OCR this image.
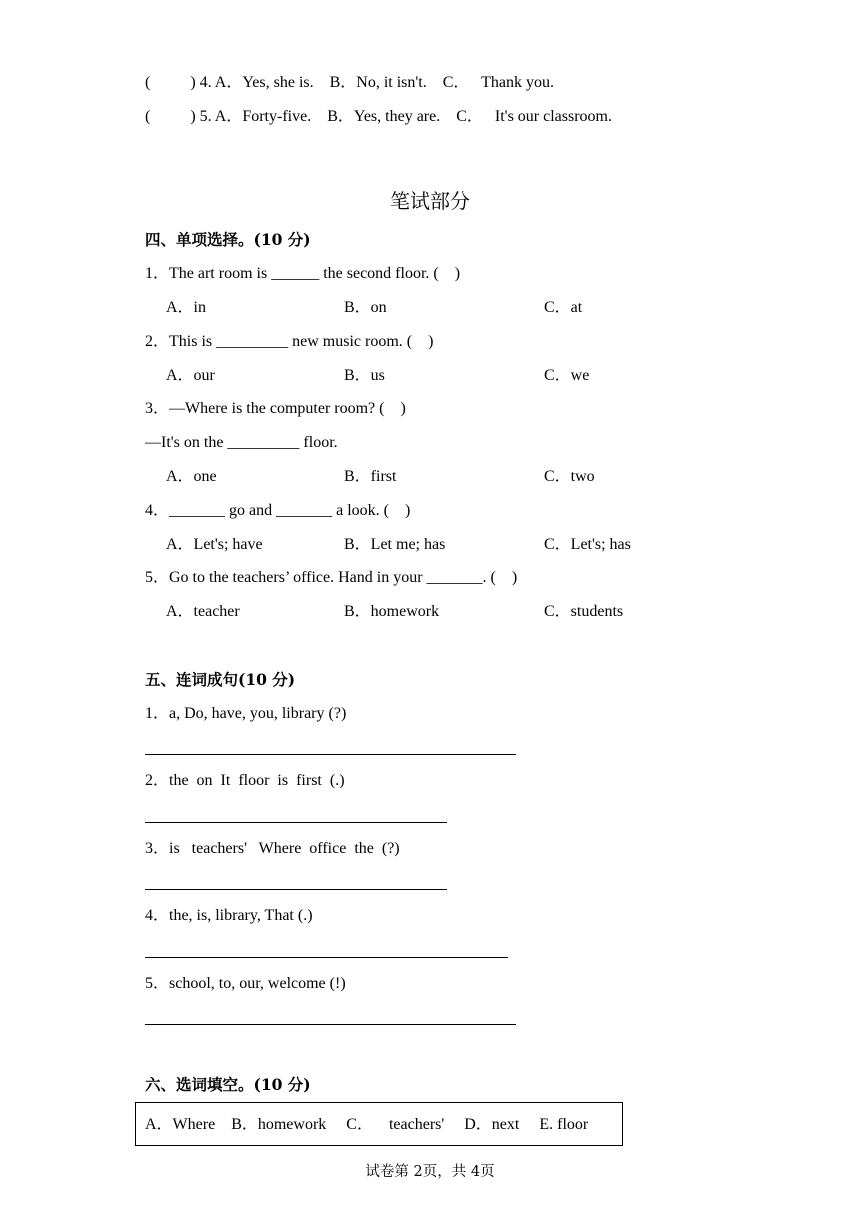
(          ) 4. A．Yes, she is.    B．No, it isn't.    C．   Thank you.
(          ) 5. A．Forty-five.    B．Yes, they are.    C．   It's our classroom.
笔试部分
四、单项选择。(10 分)
1．The art room is ______ the second floor. (    )
A．in	B．on	C．at
2．This is _________ new music room. (    )
A．our	B．us	C．we
3．—Where is the computer room? (    )
—It's on the _________ floor.
A．one	B．first	C．two
4．_______ go and _______ a look. (    )
A．Let's; have	B．Let me; has	C．Let's; has
5．Go to the teachers’ office. Hand in your _______. (    )
A．teacher	B．homework	C．students
五、连词成句(10 分)
1．a, Do, have, you, library (?)
2．the  on  It  floor  is  first  (.)
3．is   teachers'   Where  office  the  (?)
4．the, is, library, That (.)
5．school, to, our, welcome (!)
六、选词填空。(10 分)
A．Where    B．homework     C．    teachers'     D．next     E. floor
试卷第 2页，共 4页
